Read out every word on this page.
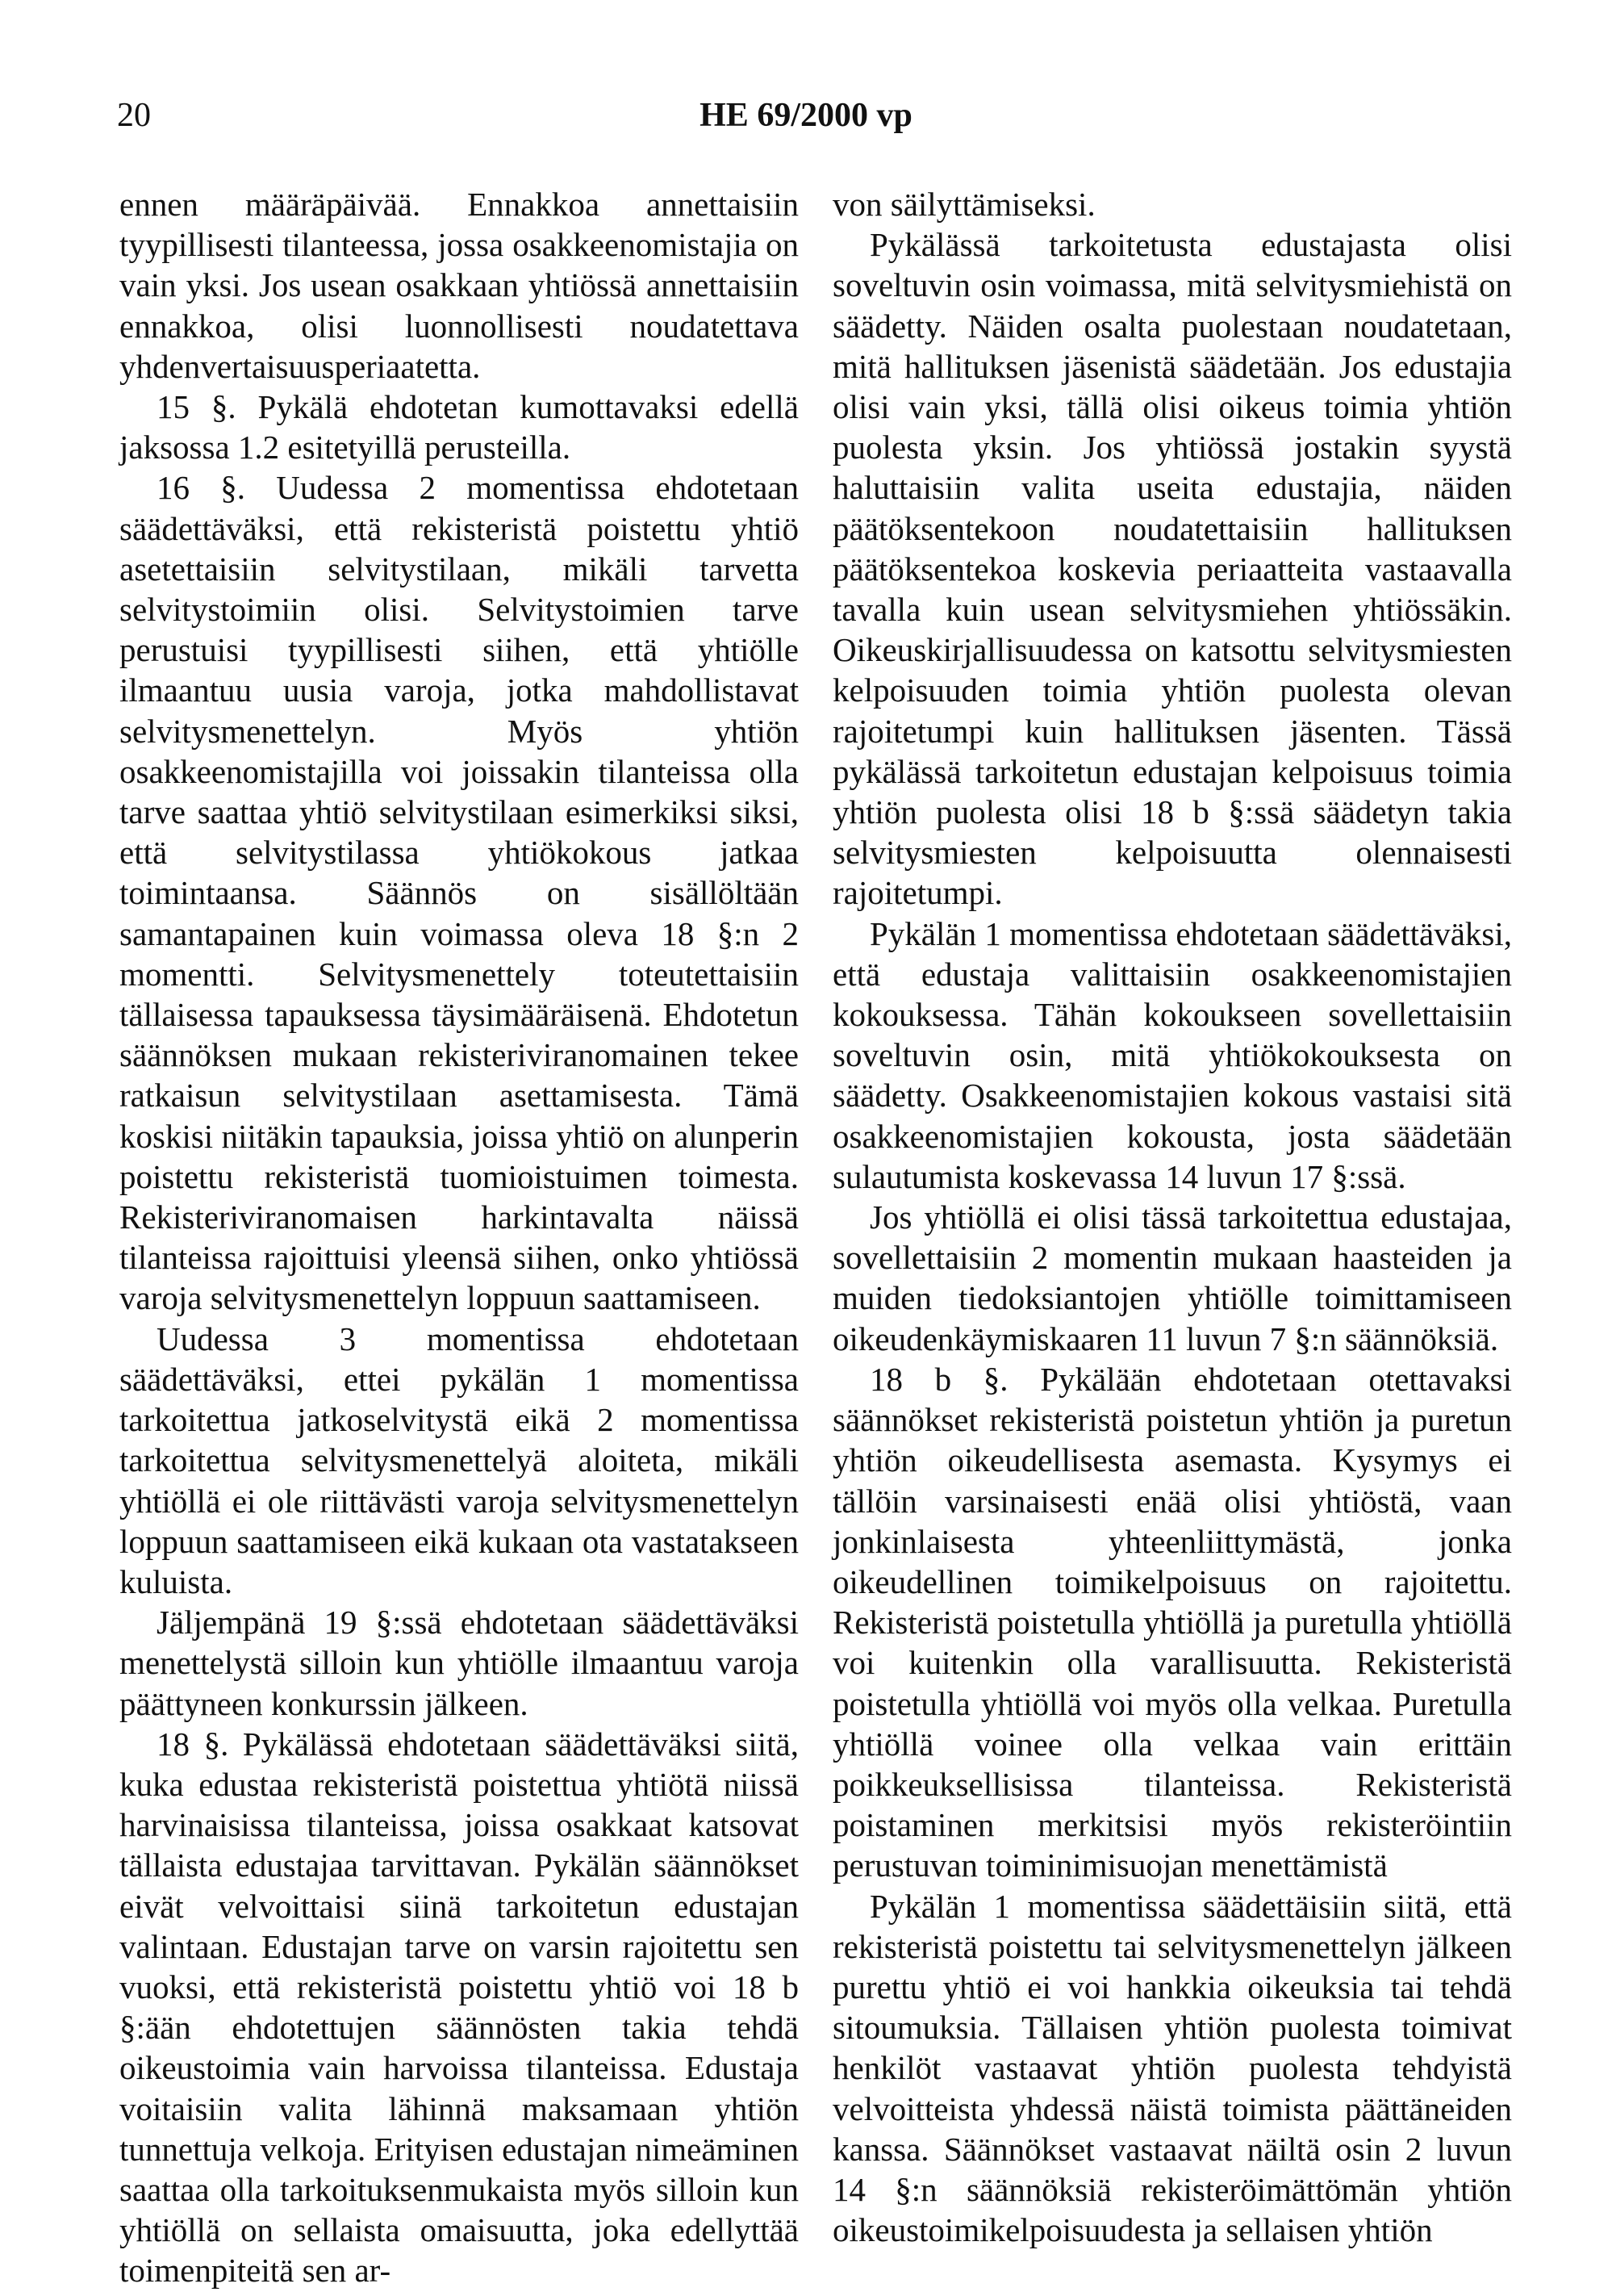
20	HE 69/2000 vp

ennen määräpäivää. Ennakkoa annettaisiin tyypillisesti tilanteessa, jossa osakkeenomistajia on vain yksi. Jos usean osakkaan yhtiössä annettaisiin ennakkoa, olisi luonnollisesti noudatettava yhdenvertaisuusperiaatetta.

15 §. Pykälä ehdotetan kumottavaksi edellä jaksossa 1.2 esitetyillä perusteilla.

16 §. Uudessa 2 momentissa ehdotetaan säädettäväksi, että rekisteristä poistettu yhtiö asetettaisiin selvitystilaan, mikäli tarvetta selvitystoimiin olisi. Selvitystoimien tarve perustuisi tyypillisesti siihen, että yhtiölle ilmaantuu uusia varoja, jotka mahdollistavat selvitysmenettelyn. Myös yhtiön osakkeenomistajilla voi joissakin tilanteissa olla tarve saattaa yhtiö selvitystilaan esimerkiksi siksi, että selvitystilassa yhtiökokous jatkaa toimintaansa. Säännös on sisällöltään samantapainen kuin voimassa oleva 18 §:n 2 momentti. Selvitysmenettely toteutettaisiin tällaisessa tapauksessa täysimääräisenä. Ehdotetun säännöksen mukaan rekisteriviranomainen tekee ratkaisun selvitystilaan asettamisesta. Tämä koskisi niitäkin tapauksia, joissa yhtiö on alunperin poistettu rekisteristä tuomioistuimen toimesta. Rekisteriviranomaisen harkintavalta näissä tilanteissa rajoittuisi yleensä siihen, onko yhtiössä varoja selvitysmenettelyn loppuun saattamiseen.

Uudessa 3 momentissa ehdotetaan säädettäväksi, ettei pykälän 1 momentissa tarkoitettua jatkoselvitystä eikä 2 momentissa tarkoitettua selvitysmenettelyä aloiteta, mikäli yhtiöllä ei ole riittävästi varoja selvitysmenettelyn loppuun saattamiseen eikä kukaan ota vastatakseen kuluista.

Jäljempänä 19 §:ssä ehdotetaan säädettäväksi menettelystä silloin kun yhtiölle ilmaantuu varoja päättyneen konkurssin jälkeen.

18 §. Pykälässä ehdotetaan säädettäväksi siitä, kuka edustaa rekisteristä poistettua yhtiötä niissä harvinaisissa tilanteissa, joissa osakkaat katsovat tällaista edustajaa tarvittavan. Pykälän säännökset eivät velvoittaisi siinä tarkoitetun edustajan valintaan. Edustajan tarve on varsin rajoitettu sen vuoksi, että rekisteristä poistettu yhtiö voi 18 b §:ään ehdotettujen säännösten takia tehdä oikeustoimia vain harvoissa tilanteissa. Edustaja voitaisiin valita lähinnä maksamaan yhtiön tunnettuja velkoja. Erityisen edustajan nimeäminen saattaa olla tarkoituksenmukaista myös silloin kun yhtiöllä on sellaista omaisuutta, joka edellyttää toimenpiteitä sen ar-

von säilyttämiseksi.

Pykälässä tarkoitetusta edustajasta olisi soveltuvin osin voimassa, mitä selvitysmiehistä on säädetty. Näiden osalta puolestaan noudatetaan, mitä hallituksen jäsenistä säädetään. Jos edustajia olisi vain yksi, tällä olisi oikeus toimia yhtiön puolesta yksin. Jos yhtiössä jostakin syystä haluttaisiin valita useita edustajia, näiden päätöksentekoon noudatettaisiin hallituksen päätöksentekoa koskevia periaatteita vastaavalla tavalla kuin usean selvitysmiehen yhtiössäkin. Oikeuskirjallisuudessa on katsottu selvitysmiesten kelpoisuuden toimia yhtiön puolesta olevan rajoitetumpi kuin hallituksen jäsenten. Tässä pykälässä tarkoitetun edustajan kelpoisuus toimia yhtiön puolesta olisi 18 b §:ssä säädetyn takia selvitysmiesten kelpoisuutta olennaisesti rajoitetumpi.

Pykälän 1 momentissa ehdotetaan säädettäväksi, että edustaja valittaisiin osakkeenomistajien kokouksessa. Tähän kokoukseen sovellettaisiin soveltuvin osin, mitä yhtiökokouksesta on säädetty. Osakkeenomistajien kokous vastaisi sitä osakkeenomistajien kokousta, josta säädetään sulautumista koskevassa 14 luvun 17 §:ssä.

Jos yhtiöllä ei olisi tässä tarkoitettua edustajaa, sovellettaisiin 2 momentin mukaan haasteiden ja muiden tiedoksiantojen yhtiölle toimittamiseen oikeudenkäymiskaaren 11 luvun 7 §:n säännöksiä.

18 b §. Pykälään ehdotetaan otettavaksi säännökset rekisteristä poistetun yhtiön ja puretun yhtiön oikeudellisesta asemasta. Kysymys ei tällöin varsinaisesti enää olisi yhtiöstä, vaan jonkinlaisesta yhteenliittymästä, jonka oikeudellinen toimikelpoisuus on rajoitettu. Rekisteristä poistetulla yhtiöllä ja puretulla yhtiöllä voi kuitenkin olla varallisuutta. Rekisteristä poistetulla yhtiöllä voi myös olla velkaa. Puretulla yhtiöllä voinee olla velkaa vain erittäin poikkeuksellisissa tilanteissa. Rekisteristä poistaminen merkitsisi myös rekisteröintiin perustuvan toiminimisuojan menettämistä

Pykälän 1 momentissa säädettäisiin siitä, että rekisteristä poistettu tai selvitysmenettelyn jälkeen purettu yhtiö ei voi hankkia oikeuksia tai tehdä sitoumuksia. Tällaisen yhtiön puolesta toimivat henkilöt vastaavat yhtiön puolesta tehdyistä velvoitteista yhdessä näistä toimista päättäneiden kanssa. Säännökset vastaavat näiltä osin 2 luvun 14 §:n säännöksiä rekisteröimättömän yhtiön oikeustoimikelpoisuudesta ja sellaisen yhtiön
